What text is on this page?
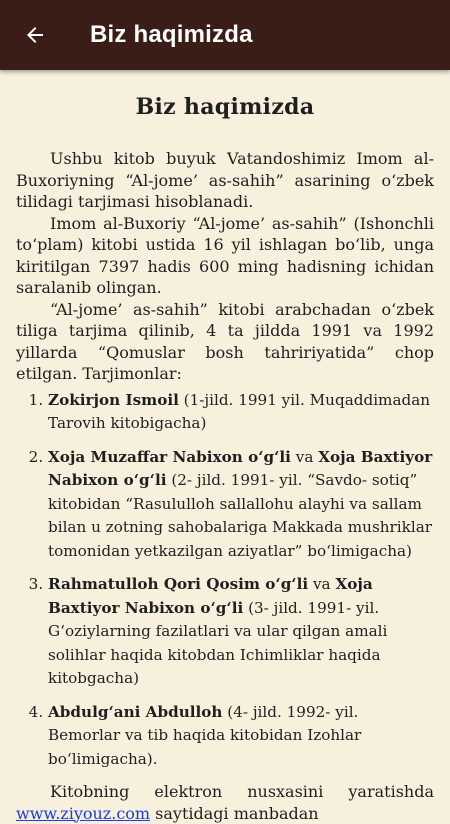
Biz haqimizda
Biz haqimizda

Ushbu kitob buyuk Vatandoshimiz Imom al-Buxoriyning “Al-jome’ as-sahih” asarining o‘zbek tilidagi tarjimasi hisoblanadi.

Imom al-Buxoriy “Al-jome’ as-sahih” (Ishonchli to‘plam) kitobi ustida 16 yil ishlagan bo‘lib, unga kiritilgan 7397 hadis 600 ming hadisning ichidan saralanib olingan.

“Al-jome’ as-sahih” kitobi arabchadan o‘zbek tiliga tarjima qilinib, 4 ta jildda 1991 va 1992 yillarda “Qomuslar bosh tahririyatida” chop etilgan. Tarjimonlar:

1. Zokirjon Ismoil (1-jild. 1991 yil. Muqaddimadan Tarovih kitobigacha)
2. Xoja Muzaffar Nabixon o‘g‘li va Xoja Baxtiyor Nabixon o‘g‘li (2- jild. 1991- yil. “Savdo- sotiq” kitobidan “Rasululloh sallallohu alayhi va sallam bilan u zotning sahobalariga Makkada mushriklar tomonidan yetkazilgan aziyatlar” bo‘limigacha)
3. Rahmatulloh Qori Qosim o‘g‘li va Xoja Baxtiyor Nabixon o‘g‘li (3- jild. 1991- yil. G‘oziylarning fazilatlari va ular qilgan amali solihlar haqida kitobdan Ichimliklar haqida kitobgacha)
4. Abdulg‘ani Abdulloh (4- jild. 1992- yil. Bemorlar va tib haqida kitobidan Izohlar bo‘limigacha).

Kitobning elektron nusxasini yaratishda www.ziyouz.com saytidagi manbadan
